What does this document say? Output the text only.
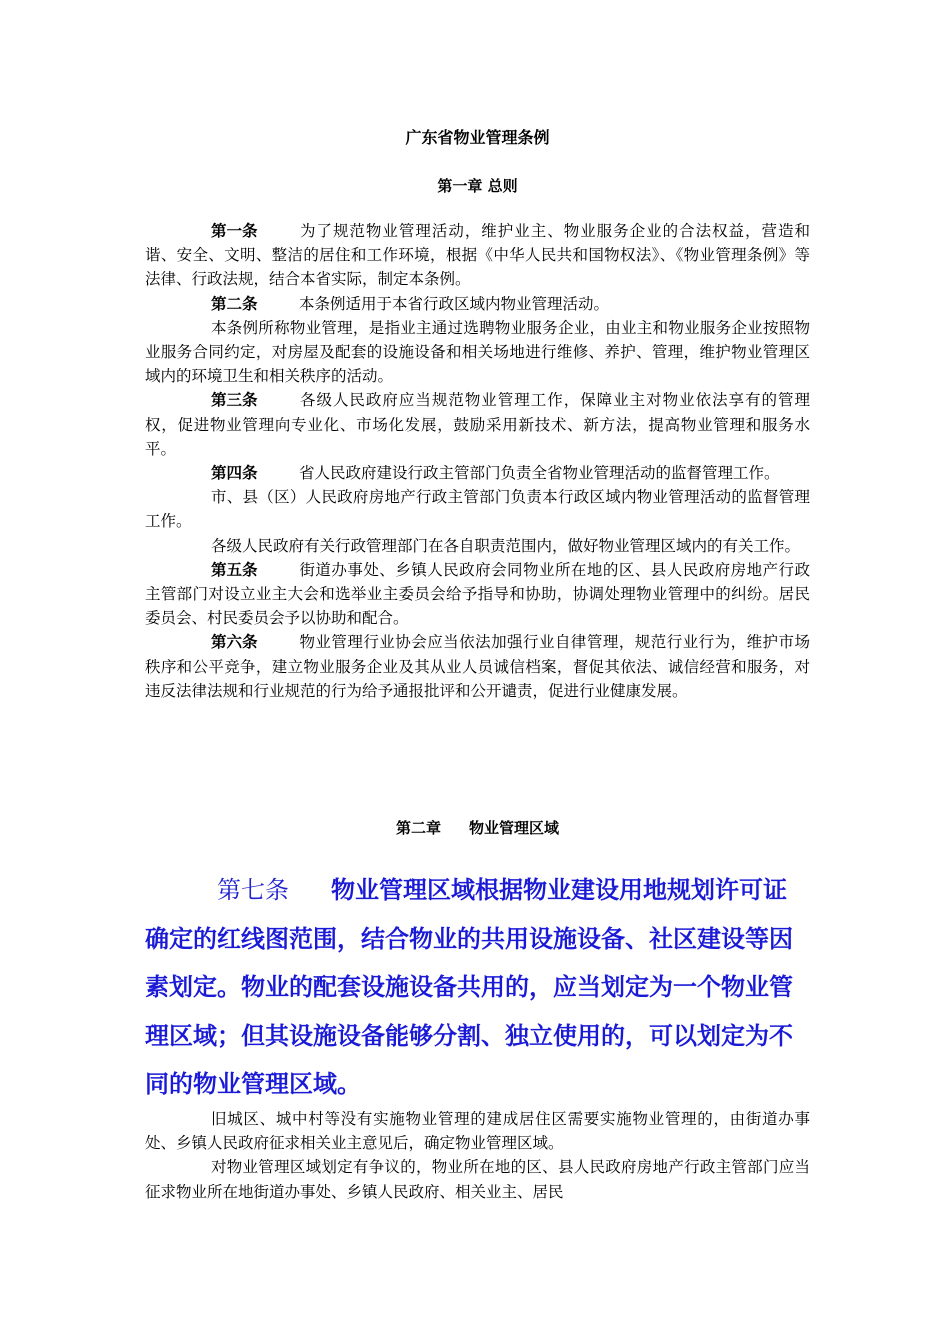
广东省物业管理条例
第一章 总则

第一条	为了规范物业管理活动，维护业主、物业服务企业的合法权益，营造和谐、安全、文明、整洁的居住和工作环境，根据《中华人民共和国物权法》、《物业管理条例》等法律、行政法规，结合本省实际，制定本条例。

第二条	本条例适用于本省行政区域内物业管理活动。

本条例所称物业管理，是指业主通过选聘物业服务企业，由业主和物业服务企业按照物业服务合同约定，对房屋及配套的设施设备和相关场地进行维修、养护、管理，维护物业管理区域内的环境卫生和相关秩序的活动。

第三条	各级人民政府应当规范物业管理工作，保障业主对物业依法享有的管理权，促进物业管理向专业化、市场化发展，鼓励采用新技术、新方法，提高物业管理和服务水平。

第四条	省人民政府建设行政主管部门负责全省物业管理活动的监督管理工作。

市、县（区）人民政府房地产行政主管部门负责本行政区域内物业管理活动的监督管理工作。

各级人民政府有关行政管理部门在各自职责范围内，做好物业管理区域内的有关工作。

第五条	街道办事处、乡镇人民政府会同物业所在地的区、县人民政府房地产行政主管部门对设立业主大会和选举业主委员会给予指导和协助，协调处理物业管理中的纠纷。居民委员会、村民委员会予以协助和配合。

第六条	物业管理行业协会应当依法加强行业自律管理，规范行业行为，维护市场秩序和公平竞争，建立物业服务企业及其从业人员诚信档案，督促其依法、诚信经营和服务，对违反法律法规和行业规范的行为给予通报批评和公开谴责，促进行业健康发展。

第二章 物业管理区域

第七条 物业管理区域根据物业建设用地规划许可证确定的红线图范围，结合物业的共用设施设备、社区建设等因素划定。物业的配套设施设备共用的，应当划定为一个物业管理区域；但其设施设备能够分割、独立使用的，可以划定为不同的物业管理区域。

旧城区、城中村等没有实施物业管理的建成居住区需要实施物业管理的，由街道办事处、乡镇人民政府征求相关业主意见后，确定物业管理区域。

对物业管理区域划定有争议的，物业所在地的区、县人民政府房地产行政主管部门应当征求物业所在地街道办事处、乡镇人民政府、相关业主、居民
